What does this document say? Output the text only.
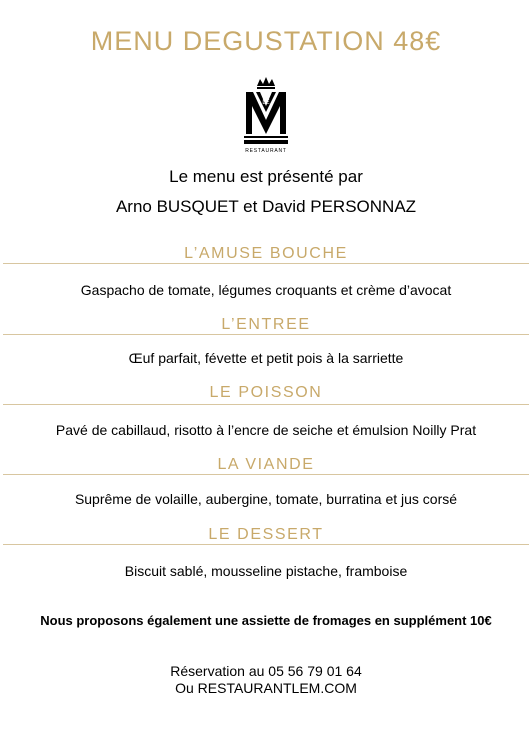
MENU DEGUSTATION 48€
LE
RESTAURANT
Le menu est présenté par
Arno BUSQUET et David PERSONNAZ
L’AMUSE BOUCHE
Gaspacho de tomate, légumes croquants et crème d’avocat
L’ENTREE
Œuf parfait, févette et petit pois à la sarriette
LE POISSON
Pavé de cabillaud, risotto à l’encre de seiche et émulsion Noilly Prat
LA VIANDE
Suprême de volaille, aubergine, tomate, burratina et jus corsé
LE DESSERT
Biscuit sablé, mousseline pistache, framboise
Nous proposons également une assiette de fromages en supplément 10€
Réservation au 05 56 79 01 64
Ou RESTAURANTLEM.COM
